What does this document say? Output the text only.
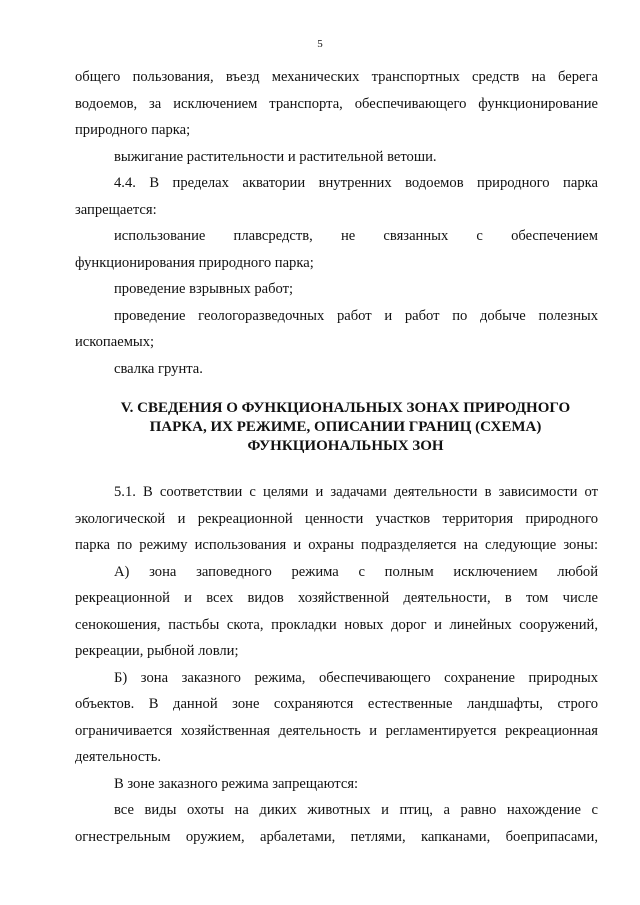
5
общего пользования, въезд механических транспортных средств на берега
водоемов, за исключением транспорта, обеспечивающего функционирование
природного парка;
выжигание растительности и растительной ветоши.
4.4. В пределах акватории внутренних водоемов природного парка
запрещается:
использование плавсредств, не связанных с обеспечением
функционирования природного парка;
проведение взрывных работ;
проведение геологоразведочных работ и работ по добыче полезных
ископаемых;
свалка грунта.
V. СВЕДЕНИЯ О ФУНКЦИОНАЛЬНЫХ ЗОНАХ ПРИРОДНОГО
ПАРКА, ИХ РЕЖИМЕ, ОПИСАНИИ ГРАНИЦ (СХЕМА)
ФУНКЦИОНАЛЬНЫХ ЗОН
5.1. В соответствии с целями и задачами деятельности в зависимости от
экологической и рекреационной ценности участков территория природного
парка по режиму использования и охраны подразделяется на следующие зоны:
А) зона заповедного режима с полным исключением любой
рекреационной и всех видов хозяйственной деятельности, в том числе
сенокошения, пастьбы скота, прокладки новых дорог и линейных сооружений,
рекреации, рыбной ловли;
Б) зона заказного режима, обеспечивающего сохранение природных
объектов. В данной зоне сохраняются естественные ландшафты, строго
ограничивается хозяйственная деятельность и регламентируется рекреационная
деятельность.
В зоне заказного режима запрещаются:
все виды охоты на диких животных и птиц, а равно нахождение с
огнестрельным оружием, арбалетами, петлями, капканами, боеприпасами,
